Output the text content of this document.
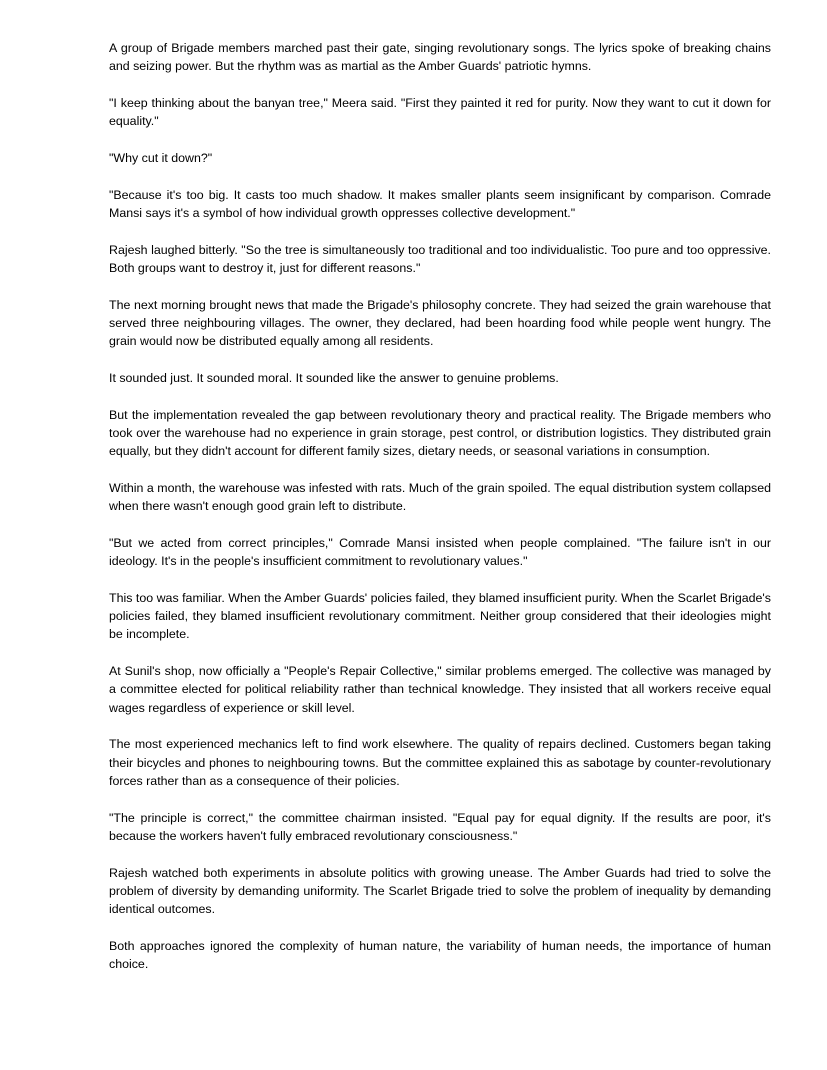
A group of Brigade members marched past their gate, singing revolutionary songs. The lyrics spoke of breaking chains and seizing power. But the rhythm was as martial as the Amber Guards' patriotic hymns.

"I keep thinking about the banyan tree," Meera said. "First they painted it red for purity. Now they want to cut it down for equality."

"Why cut it down?"

"Because it's too big. It casts too much shadow. It makes smaller plants seem insignificant by comparison. Comrade Mansi says it's a symbol of how individual growth oppresses collective development."

Rajesh laughed bitterly. "So the tree is simultaneously too traditional and too individualistic. Too pure and too oppressive. Both groups want to destroy it, just for different reasons."

The next morning brought news that made the Brigade's philosophy concrete. They had seized the grain warehouse that served three neighbouring villages. The owner, they declared, had been hoarding food while people went hungry. The grain would now be distributed equally among all residents.

It sounded just. It sounded moral. It sounded like the answer to genuine problems.

But the implementation revealed the gap between revolutionary theory and practical reality. The Brigade members who took over the warehouse had no experience in grain storage, pest control, or distribution logistics. They distributed grain equally, but they didn't account for different family sizes, dietary needs, or seasonal variations in consumption.

Within a month, the warehouse was infested with rats. Much of the grain spoiled. The equal distribution system collapsed when there wasn't enough good grain left to distribute.

"But we acted from correct principles," Comrade Mansi insisted when people complained. "The failure isn't in our ideology. It's in the people's insufficient commitment to revolutionary values."

This too was familiar. When the Amber Guards' policies failed, they blamed insufficient purity. When the Scarlet Brigade's policies failed, they blamed insufficient revolutionary commitment. Neither group considered that their ideologies might be incomplete.

At Sunil's shop, now officially a "People's Repair Collective," similar problems emerged. The collective was managed by a committee elected for political reliability rather than technical knowledge. They insisted that all workers receive equal wages regardless of experience or skill level.

The most experienced mechanics left to find work elsewhere. The quality of repairs declined. Customers began taking their bicycles and phones to neighbouring towns. But the committee explained this as sabotage by counter-revolutionary forces rather than as a consequence of their policies.

"The principle is correct," the committee chairman insisted. "Equal pay for equal dignity. If the results are poor, it's because the workers haven't fully embraced revolutionary consciousness."

Rajesh watched both experiments in absolute politics with growing unease. The Amber Guards had tried to solve the problem of diversity by demanding uniformity. The Scarlet Brigade tried to solve the problem of inequality by demanding identical outcomes.

Both approaches ignored the complexity of human nature, the variability of human needs, the importance of human choice.
